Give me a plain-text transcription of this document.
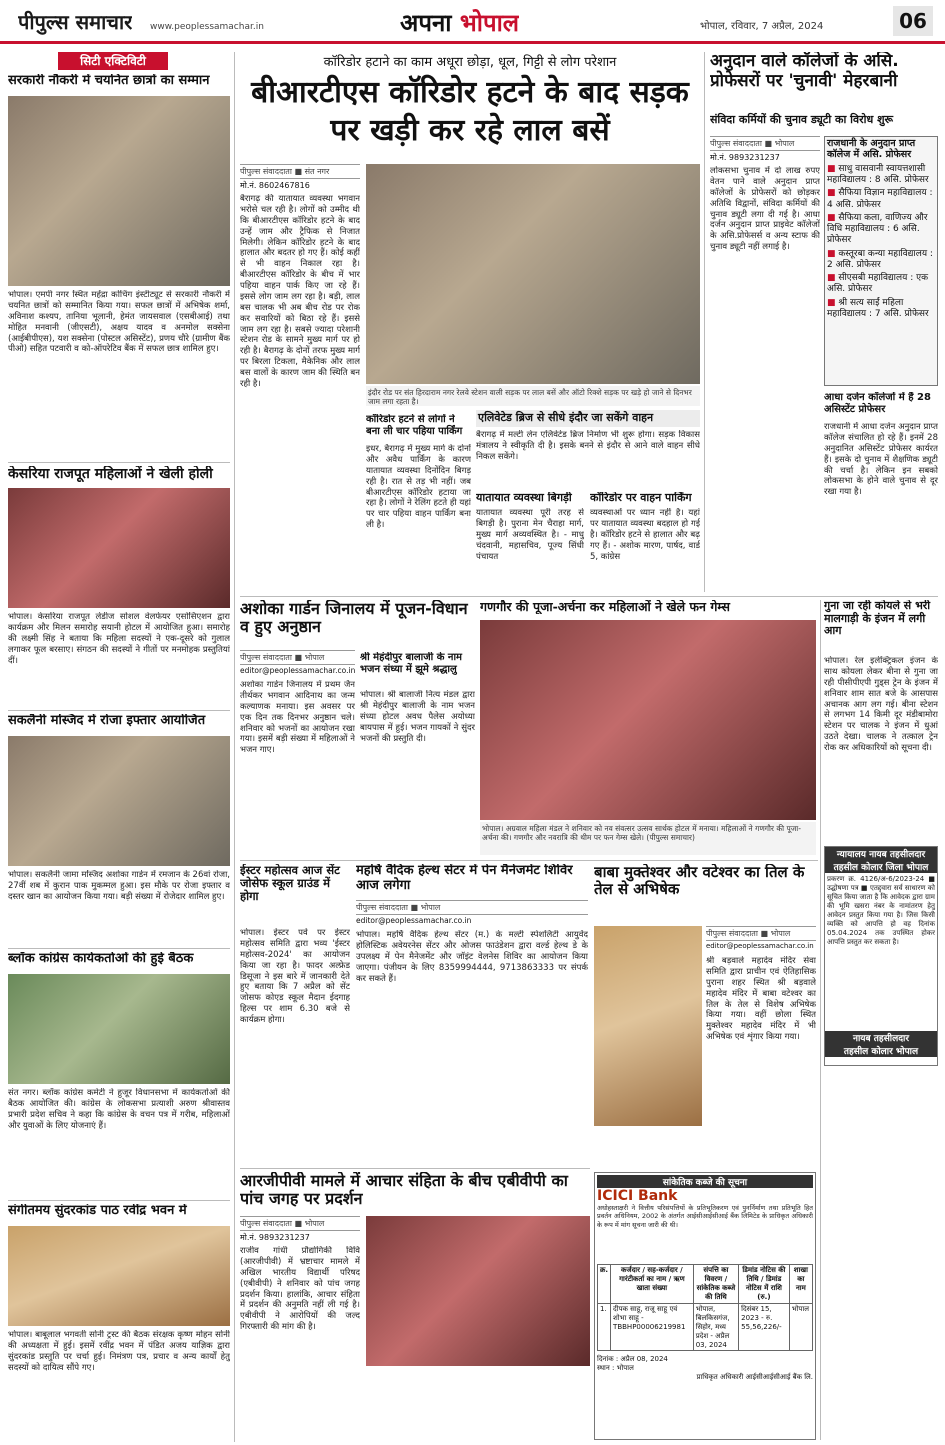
पीपुल्स समाचार www.peoplessamachar.in	अपना भोपाल	भोपाल, रविवार, 7 अप्रैल, 2024	06
सिटी एक्टिविटी
सरकारी नौकरी में चयनित छात्रों का सम्मान
भोपाल। एमपी नगर स्थित महेंद्रा कोचिंग इंस्टीट्यूट से सरकारी नौकरी में चयनित छात्रों को सम्मानित किया गया। सफल छात्रों में अभिषेक शर्मा, अविनाश कश्यप, तानिया भूलानी, हेमंत जायसवाल (एसबीआई) तथा मोहित मनवानी (जीएसटी), अक्षय यादव व अनमोल सक्सेना (आईबीपीएस), यश सक्सेना (पोस्टल असिस्टेंट), प्रणय चौरे (ग्रामीण बैंक पीओ) सहित पटवारी व को-ऑपरेटिव बैंक में सफल छात्र शामिल हुए।
केसरिया राजपूत महिलाओं ने खेली होली
भोपाल। केसरिया राजपूत लेडीज सोशल वेलफेयर एसोसिएशन द्वारा कार्यक्रम और मिलन समारोह सयानी होटल में आयोजित हुआ। समारोह की लक्ष्मी सिंह ने बताया कि महिला सदस्यों ने एक-दूसरे को गुलाल लगाकर फूल बरसाए। संगठन की सदस्यों ने गीतों पर मनमोहक प्रस्तुतियां दीं।
सकलैनी मस्जिद में रोजा इफ्तार आयोजित
भोपाल। सकलैनी जामा मस्जिद अशोका गार्डन में रमजान के 26वां रोजा, 27वीं शब में कुरान पाक मुकम्मल हुआ। इस मौके पर रोजा इफ्तार व दस्तर खान का आयोजन किया गया। बड़ी संख्या में रोजेदार शामिल हुए।
ब्लॉक कांग्रेस कार्यकर्ताओं की हुई बैठक
संत नगर। ब्लॉक कांग्रेस कमेटी ने हुजूर विधानसभा में कार्यकर्ताओं की बैठक आयोजित की। कांग्रेस के लोकसभा प्रत्याशी अरुण श्रीवास्तव प्रभारी प्रदेश सचिव ने कहा कि कांग्रेस के वचन पत्र में गरीब, महिलाओं और युवाओं के लिए योजनाएं हैं।
संगीतमय सुंदरकांड पाठ रवींद्र भवन में
भोपाल। बाबूलाल भगवती सोनी ट्रस्ट की बैठक संरक्षक कृष्ण मोहन सोनी की अध्यक्षता में हुई। इसमें रवींद्र भवन में पंडित अजय याज्ञिक द्वारा सुंदरकांड प्रस्तुति पर चर्चा हुई। निमंत्रण पत्र, प्रचार व अन्य कार्यों हेतु सदस्यों को दायित्व सौंपे गए।
कॉरिडोर हटाने का काम अधूरा छोड़ा, धूल, गिट्टी से लोग परेशान
बीआरटीएस कॉरिडोर हटने के बाद सड़क पर खड़ी कर रहे लाल बसें
पीपुल्स संवाददाता ■ संत नगर
मो.नं. 8602467816
बैरागढ़ की यातायात व्यवस्था भगवान भरोसे चल रही है। लोगों को उम्मीद थी कि बीआरटीएस कॉरिडोर हटने के बाद उन्हें जाम और ट्रैफिक से निजात मिलेगी। लेकिन कॉरिडोर हटने के बाद हालात और बदतर हो गए हैं। कोई कहीं से भी वाहन निकाल रहा है। बीआरटीएस कॉरिडोर के बीच में भार पहिया वाहन पार्क किए जा रहे हैं। इससे लोग जाम लग रहा है। बड़ी, लाल बस चालक भी अब बीच रोड पर रोक कर सवारियों को बिठा रहे हैं। इससे जाम लग रहा है। सबसे ज्यादा परेशानी स्टेशन रोड के सामने मुख्य मार्ग पर हो रही है। बैरागढ़ के दोनों तरफ मुख्य मार्ग पर बिरला टिकला, मैकेनिक और लाल बस वालों के कारण जाम की स्थिति बन रही है।
इंदौर रोड पर संत हिरदाराम नगर रेलवे स्टेशन वाली सड़क पर लाल बसें और ऑटो रिक्शे सड़क पर खड़े हो जाने से दिनभर जाम लगा रहता है।
कॉरिडोर हटने से लोगों ने बना ली चार पहिया पार्किंग
इधर, बैरागढ़ में मुख्य मार्ग के दोनों और अवैध पार्किंग के कारण यातायात व्यवस्था दिनोंदिन बिगड़ रही है। रात से तड़ भी नहीं। जब बीआरटीएस कॉरिडोर हटाया जा रहा है। लोगों ने रेलिंग हटते ही यहां पर चार पहिया वाहन पार्किंग बना ली है।
एलिवेटेड ब्रिज से सीधे इंदौर जा सकेंगे वाहन
बैरागढ़ में मल्टी लेन एलिवेटेड ब्रिज निर्माण भी शुरू होगा। सड़क विकास मंत्रालय ने स्वीकृति दी है। इसके बनने से इंदौर से आने वाले वाहन सीधे निकल सकेंगे।
यातायात व्यवस्था बिगड़ी
यातायात व्यवस्था पूरी तरह से बिगड़ी है। पुराना मेन चैराहा मार्ग, मुख्य मार्ग अव्यवस्थित है। - माधु चंदवानी, महासचिव, पूज्य सिंधी पंचायत
कॉरिडोर पर वाहन पार्किंग
व्यवस्थाओं पर ध्यान नहीं है। यहां पर यातायात व्यवस्था बदहाल हो गई है। कॉरिडोर हटने से हालात और बढ़ गए हैं। - अशोक मारण, पार्षद, वार्ड 5, कांग्रेस
अनुदान वाले कॉलेजों के असि. प्रोफेसरों पर 'चुनावी' मेहरबानी
संविदा कर्मियों की चुनाव ड्यूटी का विरोध शुरू
पीपुल्स संवाददाता ■ भोपाल
मो.नं. 9893231237
लोकसभा चुनाव में दो लाख रुपए वेतन पाने वाले अनुदान प्राप्त कॉलेजों के प्रोफेसरों को छोड़कर अतिथि विद्वानों, संविदा कर्मियों की चुनाव ड्यूटी लगा दी गई है। आधा दर्जन अनुदान प्राप्त प्राइवेट कॉलेजों के असि.प्रोफेसर्स व अन्य स्टाफ की चुनाव ड्यूटी नहीं लगाई है।
राजधानी के अनुदान प्राप्त कॉलेज में असि. प्रोफेसर
■ साधु वासवानी स्वायत्तशासी महाविद्यालय : 8 असि. प्रोफेसर
■ सैफिया विज्ञान महाविद्यालय : 4 असि. प्रोफेसर
■ सैफिया कला, वाणिज्य और विधि महाविद्यालय : 6 असि. प्रोफेसर
■ कस्तूरबा कन्या महाविद्यालय : 2 असि. प्रोफेसर
■ सीएसबी महाविद्यालय : एक असि. प्रोफेसर
■ श्री सत्य साईं महिला महाविद्यालय : 7 असि. प्रोफेसर
आधा दर्जन कॉलेजों में हैं 28 असिस्टेंट प्रोफेसर
राजधानी में आधा दर्जन अनुदान प्राप्त कॉलेज संचालित हो रहे हैं। इनमें 28 अनुदानित असिस्टेंट प्रोफेसर कार्यरत हैं। इसके दो चुनाव में शैक्षणिक ड्यूटी की चर्चा है। लेकिन इन सबको लोकसभा के होने वाले चुनाव से दूर रखा गया है।
अशोका गार्डन जिनालय में पूजन-विधान व हुए अनुष्ठान
पीपुल्स संवाददाता ■ भोपाल
editor@peoplessamachar.co.in
अशोका गार्डन जिनालय में प्रथम जैन तीर्थकर भगवान आदिनाथ का जन्म कल्याणक मनाया। इस अवसर पर एक दिन तक दिनभर अनुष्ठान चले। शनिवार को भजनों का आयोजन रखा गया। इसमें बड़ी संख्या में महिलाओं ने भजन गाए।
श्री मेहंदीपुर बालाजी के नाम भजन संध्या में झूमे श्रद्धालु
भोपाल। श्री बालाजी नित्य मंडल द्वारा श्री मेहंदीपुर बालाजी के नाम भजन संध्या होटल अवध पैलेस अयोध्या बायपास में हुई। भजन गायकों ने सुंदर भजनों की प्रस्तुति दी।
गणगौर की पूजा-अर्चना कर महिलाओं ने खेले फन गेम्स
भोपाल। अग्रवाल महिला मंडल ने शनिवार को नव संवत्सर उत्सव सार्थक होटल में मनाया। महिलाओं ने गणगौर की पूजा-अर्चना की। गणगौर और नवरात्रि की थीम पर फन गेम्स खेले। (पीपुल्स समाचार)
गुना जा रही कोयले से भरी मालगाड़ी के इंजन में लगी आग
भोपाल। रेल इलेक्ट्रिकल इंजन के साथ कोयला लेकर बीना से गुना जा रही पीसीपीएपी गुड्स ट्रेन के इंजन में शनिवार शाम सात बजे के आसपास अचानक आग लग गई। बीना स्टेशन से लगभग 14 किमी दूर मंडीबामोरा स्टेशन पर चालक ने इंजन में धुआं उठते देखा। चालक ने तत्काल ट्रेन रोक कर अधिकारियों को सूचना दी।
न्यायालय नायब तहसीलदार
तहसील कोलार जिला भोपाल
प्रकरण क्र. 4126/अ-6/2023-24 ■ उद्घोषणा पत्र ■ एतद्द्वारा सर्व साधारण को सूचित किया जाता है कि आवेदक द्वारा ग्राम की भूमि खसरा नंबर के नामांतरण हेतु आवेदन प्रस्तुत किया गया है। जिस किसी व्यक्ति को आपत्ति हो वह दिनांक 05.04.2024 तक उपस्थित होकर आपत्ति प्रस्तुत कर सकता है।
नायब तहसीलदार
तहसील कोलार भोपाल
ईस्टर महोत्सव आज सेंट जोसेफ स्कूल ग्राउंड में होगा
भोपाल। ईस्टर पर्व पर ईस्टर महोत्सव समिति द्वारा भव्य 'ईस्टर महोत्सव-2024' का आयोजन किया जा रहा है। फादर अल्फ्रेड डिसूजा ने इस बारे में जानकारी देते हुए बताया कि 7 अप्रैल को सेंट जोसफ कोएड स्कूल मैदान ईदगाह हिल्स पर शाम 6.30 बजे से कार्यक्रम होगा।
महर्षि वैदिक हेल्थ सेंटर में पेन मैनेजमेंट शिविर आज लगेगा
पीपुल्स संवाददाता ■ भोपाल
editor@peoplessamachar.co.in
भोपाल। महर्षि वैदिक हेल्थ सेंटर (म.) के मल्टी स्पेशलिटी आयुर्वेद होलिस्टिक अवेयरनेस सेंटर और ओजस फाउंडेशन द्वारा वर्ल्ड हेल्थ डे के उपलक्ष्य में पेन मैनेजमेंट और जॉइंट वेलनेस शिविर का आयोजन किया जाएगा। पंजीयन के लिए 8359994444, 9713863333 पर संपर्क कर सकते हैं।
बाबा मुक्तेश्वर और वटेश्वर का तिल के तेल से अभिषेक
पीपुल्स संवाददाता ■ भोपाल
editor@peoplessamachar.co.in
श्री बड़वाले महादेव मंदिर सेवा समिति द्वारा प्राचीन एवं ऐतिहासिक पुराना शहर स्थित श्री बड़वाले महादेव मंदिर में बाबा वटेश्वर का तिल के तेल से विशेष अभिषेक किया गया। वहीं छोला स्थित मुक्तेश्वर महादेव मंदिर में भी अभिषेक एवं शृंगार किया गया।
आरजीपीवी मामले में आचार संहिता के बीच एबीवीपी का पांच जगह पर प्रदर्शन
पीपुल्स संवाददाता ■ भोपाल
मो.नं. 9893231237
राजीव गांधी प्रौद्योगिकी विवि (आरजीपीवी) में भ्रष्टाचार मामले में अखिल भारतीय विद्यार्थी परिषद (एबीवीपी) ने शनिवार को पांच जगह प्रदर्शन किया। हालांकि, आचार संहिता में प्रदर्शन की अनुमति नहीं ली गई है। एबीवीपी ने आरोपियों की जल्द गिरफ्तारी की मांग की है।
सांकेतिक कब्जे की सूचना
ICICI Bank
अधोहस्ताक्षरी ने वित्तीय परिसंपत्तियों के प्रतिभूतिकरण एवं पुनर्निर्माण तथा प्रतिभूति हित प्रवर्तन अधिनियम, 2002 के अंतर्गत आईसीआईसीआई बैंक लिमिटेड के प्राधिकृत अधिकारी के रूप में मांग सूचना जारी की थी।
क्र.	कर्जदार / सह-कर्जदार / गारंटीकर्ता का नाम / ऋण खाता संख्या	संपत्ति का विवरण / सांकेतिक कब्जे की तिथि	डिमांड नोटिस की तिथि / डिमांड नोटिस में राशि (रु.)	शाखा का नाम
1.	दीपक साहू, राजू साहू एवं शोभा साहू - TBBHP00006219981	भोपाल, बिलकिसगंज, सिहोर, मध्य प्रदेश - अप्रैल 03, 2024	दिसंबर 15, 2023 - रु. 55,56,226/-	भोपाल
दिनांक : अप्रैल 08, 2024
स्थान : भोपाल
प्राधिकृत अधिकारी आईसीआईसीआई बैंक लि.
